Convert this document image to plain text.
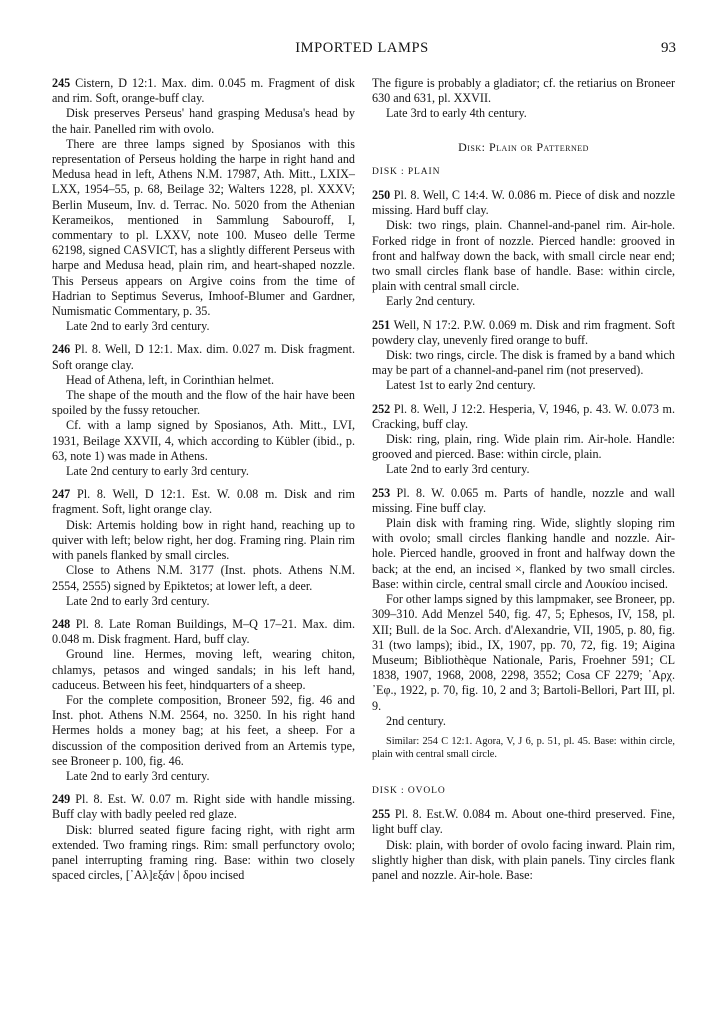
IMPORTED LAMPS	93

245 Cistern, D 12:1. Max. dim. 0.045 m. Fragment of disk and rim. Soft, orange-buff clay.

Disk preserves Perseus' hand grasping Medusa's head by the hair. Panelled rim with ovolo.

There are three lamps signed by Sposianos with this representation of Perseus holding the harpe in right hand and Medusa head in left, Athens N.M. 17987, Ath. Mitt., LXIX–LXX, 1954–55, p. 68, Beilage 32; Walters 1228, pl. XXXV; Berlin Museum, Inv. d. Terrac. No. 5020 from the Athenian Kerameikos, mentioned in Sammlung Sabouroff, I, commentary to pl. LXXV, note 100. Museo delle Terme 62198, signed CASVICT, has a slightly different Perseus with harpe and Medusa head, plain rim, and heart-shaped nozzle. This Perseus appears on Argive coins from the time of Hadrian to Septimus Severus, Imhoof-Blumer and Gardner, Numismatic Commentary, p. 35.

Late 2nd to early 3rd century.

246 Pl. 8. Well, D 12:1. Max. dim. 0.027 m. Disk fragment. Soft orange clay.

Head of Athena, left, in Corinthian helmet.

The shape of the mouth and the flow of the hair have been spoiled by the fussy retoucher.

Cf. with a lamp signed by Sposianos, Ath. Mitt., LVI, 1931, Beilage XXVII, 4, which according to Kübler (ibid., p. 63, note 1) was made in Athens.

Late 2nd century to early 3rd century.

247 Pl. 8. Well, D 12:1. Est. W. 0.08 m. Disk and rim fragment. Soft, light orange clay.

Disk: Artemis holding bow in right hand, reaching up to quiver with left; below right, her dog. Framing ring. Plain rim with panels flanked by small circles.

Close to Athens N.M. 3177 (Inst. phots. Athens N.M. 2554, 2555) signed by Epiktetos; at lower left, a deer.

Late 2nd to early 3rd century.

248 Pl. 8. Late Roman Buildings, M–Q 17–21. Max. dim. 0.048 m. Disk fragment. Hard, buff clay.

Ground line. Hermes, moving left, wearing chiton, chlamys, petasos and winged sandals; in his left hand, caduceus. Between his feet, hindquarters of a sheep.

For the complete composition, Broneer 592, fig. 46 and Inst. phot. Athens N.M. 2564, no. 3250. In his right hand Hermes holds a money bag; at his feet, a sheep. For a discussion of the composition derived from an Artemis type, see Broneer p. 100, fig. 46.

Late 2nd to early 3rd century.

249 Pl. 8. Est. W. 0.07 m. Right side with handle missing. Buff clay with badly peeled red glaze.

Disk: blurred seated figure facing right, with right arm extended. Two framing rings. Rim: small perfunctory ovolo; panel interrupting framing ring. Base: within two closely spaced circles, [᾿Αλ]εξάν | δρου incised

The figure is probably a gladiator; cf. the retiarius on Broneer 630 and 631, pl. XXVII.

Late 3rd to early 4th century.

Disk: Plain or Patterned

DISK : PLAIN

250 Pl. 8. Well, C 14:4. W. 0.086 m. Piece of disk and nozzle missing. Hard buff clay.

Disk: two rings, plain. Channel-and-panel rim. Air-hole. Forked ridge in front of nozzle. Pierced handle: grooved in front and halfway down the back, with small circle near end; two small circles flank base of handle. Base: within circle, plain with central small circle.

Early 2nd century.

251 Well, N 17:2. P.W. 0.069 m. Disk and rim fragment. Soft powdery clay, unevenly fired orange to buff.

Disk: two rings, circle. The disk is framed by a band which may be part of a channel-and-panel rim (not preserved).

Latest 1st to early 2nd century.

252 Pl. 8. Well, J 12:2. Hesperia, V, 1946, p. 43. W. 0.073 m. Cracking, buff clay.

Disk: ring, plain, ring. Wide plain rim. Air-hole. Handle: grooved and pierced. Base: within circle, plain.

Late 2nd to early 3rd century.

253 Pl. 8. W. 0.065 m. Parts of handle, nozzle and wall missing. Fine buff clay.

Plain disk with framing ring. Wide, slightly sloping rim with ovolo; small circles flanking handle and nozzle. Air-hole. Pierced handle, grooved in front and halfway down the back; at the end, an incised ×, flanked by two small circles. Base: within circle, central small circle and Λουκίου incised.

For other lamps signed by this lampmaker, see Broneer, pp. 309–310. Add Menzel 540, fig. 47, 5; Ephesos, IV, 158, pl. XII; Bull. de la Soc. Arch. d'Alexandrie, VII, 1905, p. 80, fig. 31 (two lamps); ibid., IX, 1907, pp. 70, 72, fig. 19; Aigina Museum; Bibliothèque Nationale, Paris, Froehner 591; CL 1838, 1907, 1968, 2008, 2298, 3552; Cosa CF 2279; ᾿Αρχ. ᾿Εφ., 1922, p. 70, fig. 10, 2 and 3; Bartoli-Bellori, Part III, pl. 9.

2nd century.

Similar: 254 C 12:1. Agora, V, J 6, p. 51, pl. 45. Base: within circle, plain with central small circle.

DISK : OVOLO

255 Pl. 8. Est.W. 0.084 m. About one-third preserved. Fine, light buff clay.

Disk: plain, with border of ovolo facing inward. Plain rim, slightly higher than disk, with plain panels. Tiny circles flank panel and nozzle. Air-hole. Base:
